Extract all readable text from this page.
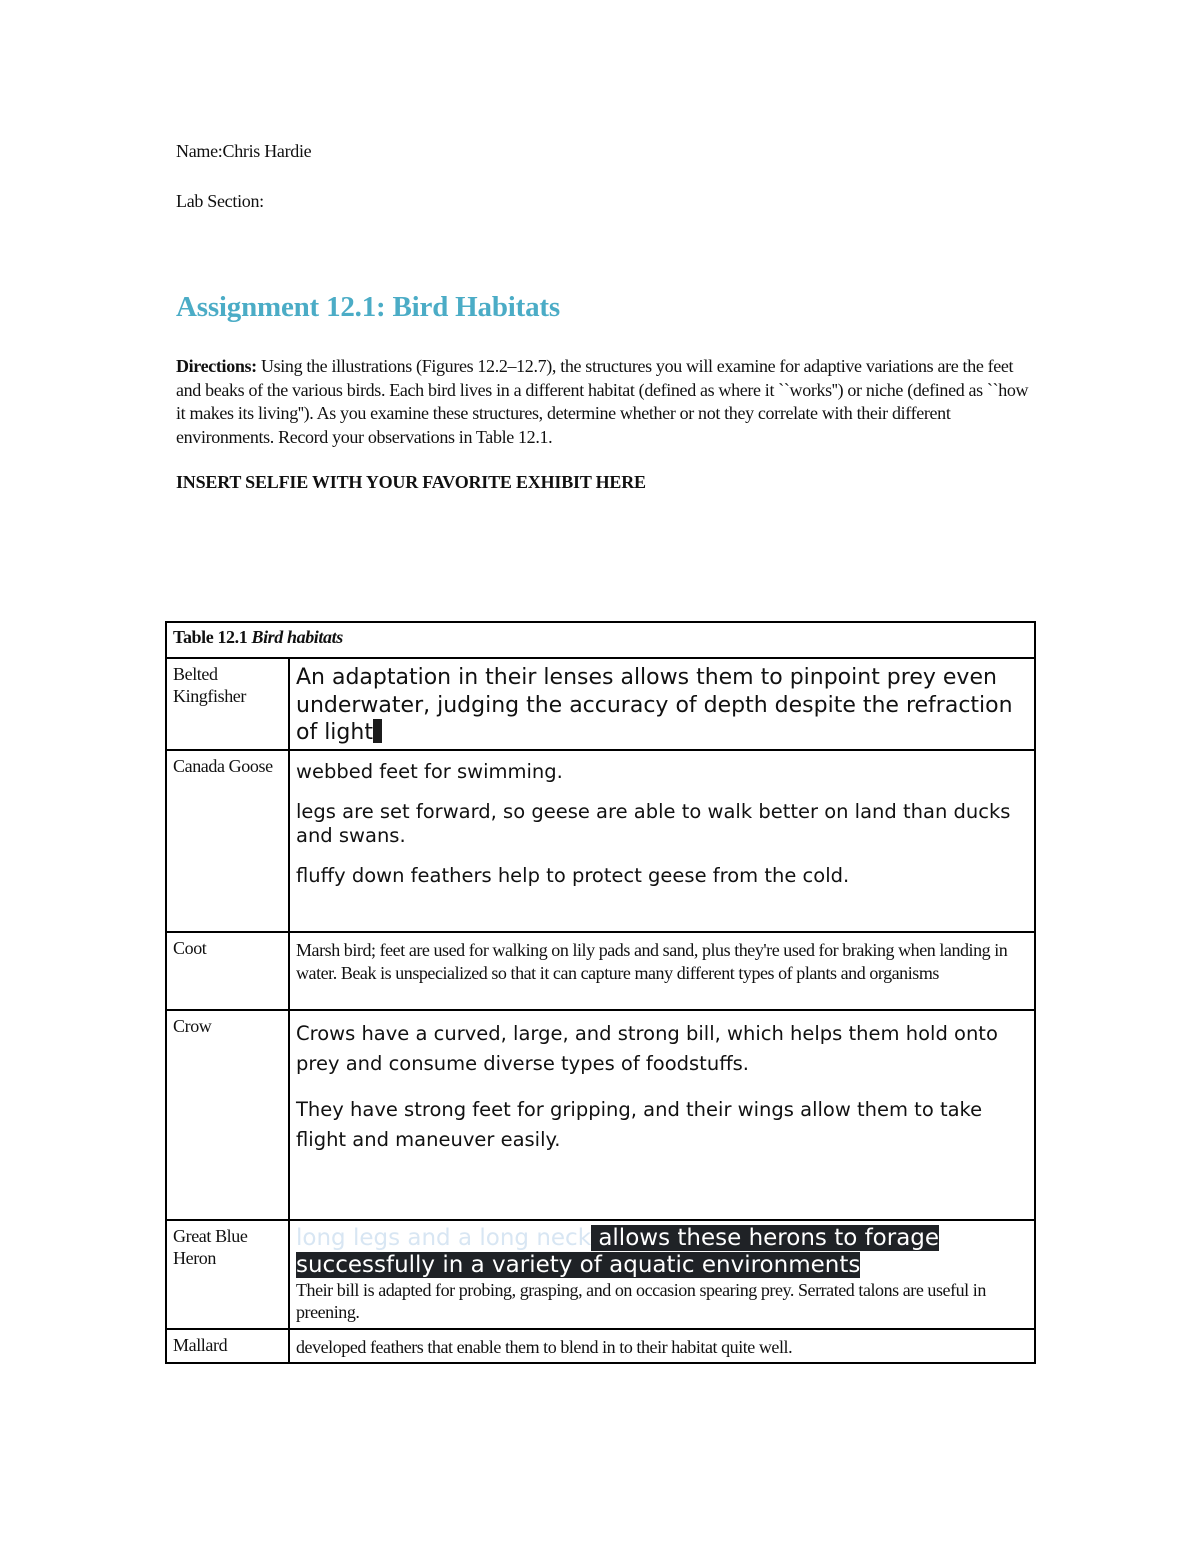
Name:Chris Hardie
Lab Section:
Assignment 12.1: Bird Habitats
Directions: Using the illustrations (Figures 12.2–12.7), the structures you will examine for adaptive variations are the feet and beaks of the various birds. Each bird lives in a different habitat (defined as where it ``works'') or niche (defined as ``how it makes its living''). As you examine these structures, determine whether or not they correlate with their different environments. Record your observations in Table 12.1.
INSERT SELFIE WITH YOUR FAVORITE EXHIBIT HERE
Table 12.1 Bird habitats	
Belted Kingfisher	An adaptation in their lenses allows them to pinpoint prey even underwater, judging the accuracy of depth despite the refraction of light

Canada Goose	webbed feet for swimming.

legs are set forward, so geese are able to walk better on land than ducks and swans.

fluffy down feathers help to protect geese from the cold.

Coot	Marsh bird; feet are used for walking on lily pads and sand, plus they're used for braking when landing in water. Beak is unspecialized so that it can capture many different types of plants and organisms

Crow	Crows have a curved, large, and strong bill, which helps them hold onto prey and consume diverse types of foodstuffs.

They have strong feet for gripping, and their wings allow them to take flight and maneuver easily.

Great Blue Heron	long legs and a long neck allows these herons to forage successfully in a variety of aquatic environments
Their bill is adapted for probing, grasping, and on occasion spearing prey. Serrated talons are useful in preening.

Mallard	developed feathers that enable them to blend in to their habitat quite well.
